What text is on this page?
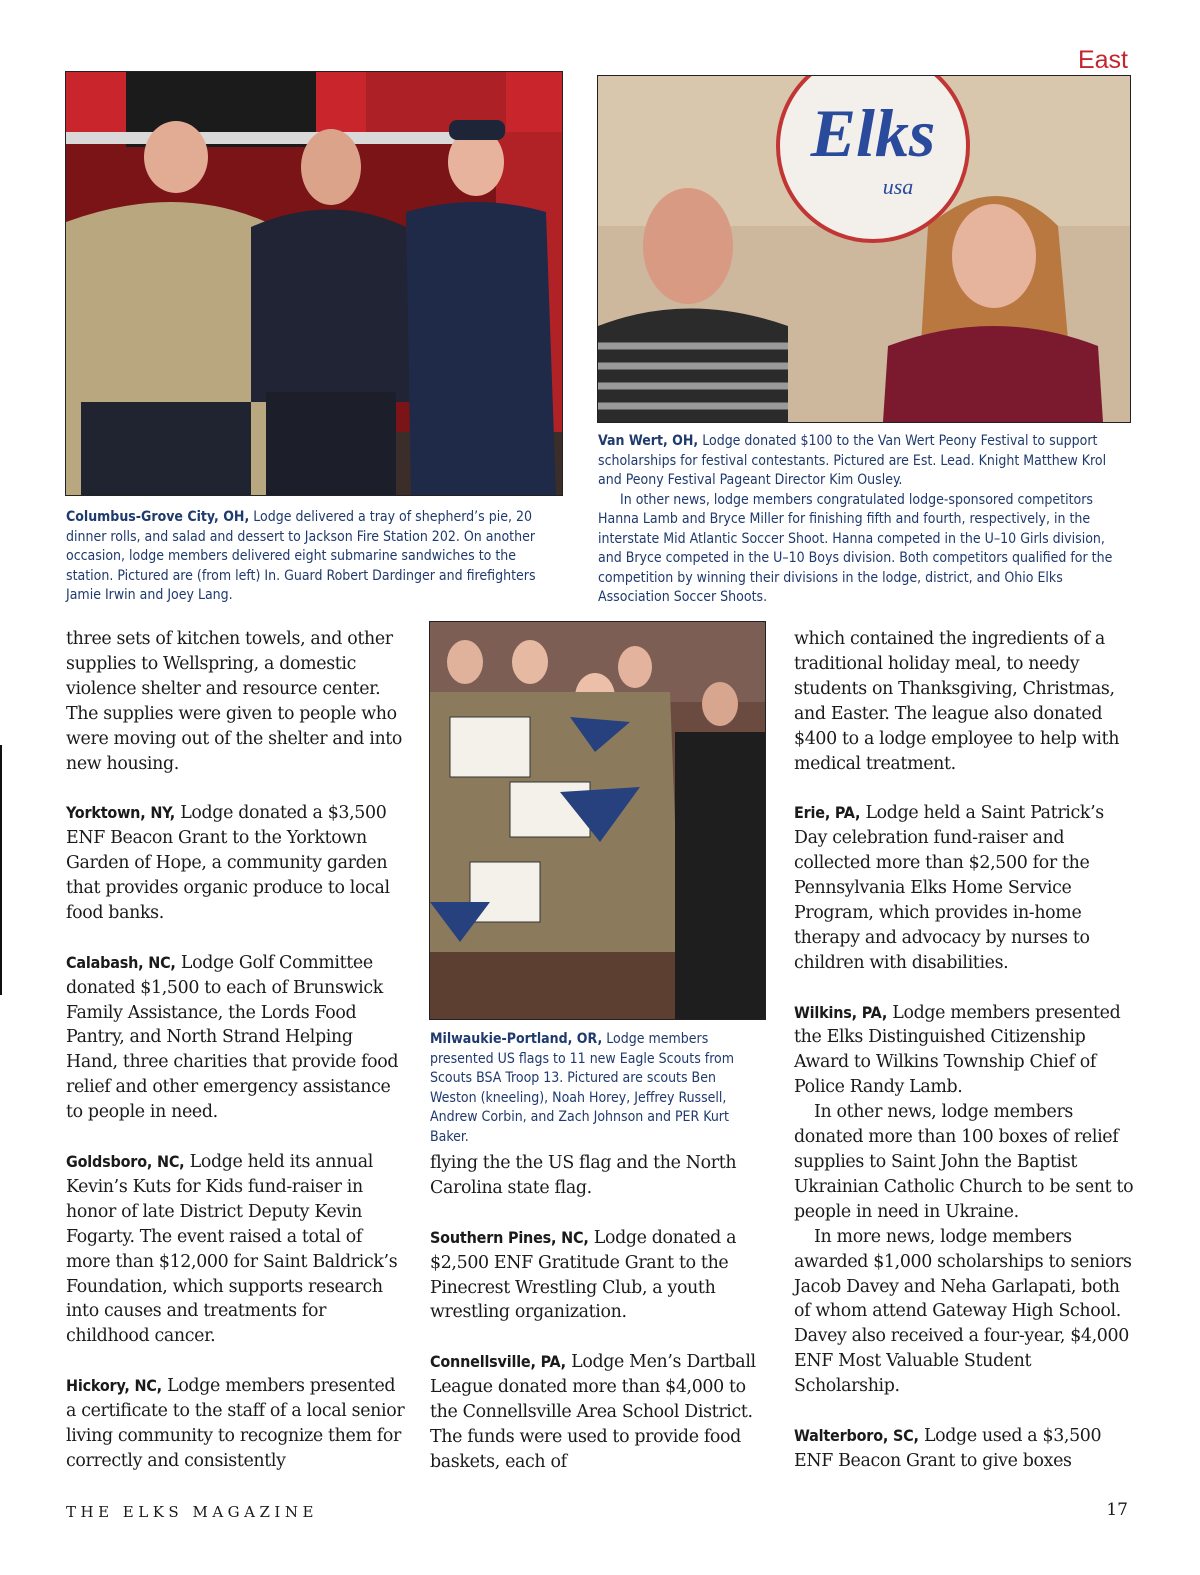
East
Elks
usa

Columbus-Grove City, OH, Lodge delivered a tray of shepherd’s pie, 20 dinner rolls, and salad and dessert to Jackson Fire Station 202. On another occasion, lodge members delivered eight submarine sandwiches to the station. Pictured are (from left) In. Guard Robert Dardinger and firefighters Jamie Irwin and Joey Lang.

Van Wert, OH, Lodge donated $100 to the Van Wert Peony Festival to support scholarships for festival contestants. Pictured are Est. Lead. Knight Matthew Krol and Peony Festival Pageant Director Kim Ousley.

In other news, lodge members congratulated lodge-sponsored competitors Hanna Lamb and Bryce Miller for finishing fifth and fourth, respectively, in the interstate Mid Atlantic Soccer Shoot. Hanna competed in the U–10 Girls division, and Bryce competed in the U–10 Boys division. Both competitors qualified for the competition by winning their divisions in the lodge, district, and Ohio Elks Association Soccer Shoots.

Milwaukie-Portland, OR, Lodge members presented US flags to 11 new Eagle Scouts from Scouts BSA Troop 13. Pictured are scouts Ben Weston (kneeling), Noah Horey, Jeffrey Russell, Andrew Corbin, and Zach Johnson and PER Kurt Baker.

three sets of kitchen towels, and other supplies to Wellspring, a domestic violence shelter and resource center. The supplies were given to people who were moving out of the shelter and into new housing.

Yorktown, NY, Lodge donated a $3,500 ENF Beacon Grant to the Yorktown Garden of Hope, a community garden that provides organic produce to local food banks.

Calabash, NC, Lodge Golf Committee donated $1,500 to each of Brunswick Family Assistance, the Lords Food Pantry, and North Strand Helping Hand, three charities that provide food relief and other emergency assistance to people in need.

Goldsboro, NC, Lodge held its annual Kevin’s Kuts for Kids fund-raiser in honor of late District Deputy Kevin Fogarty. The event raised a total of more than $12,000 for Saint Baldrick’s Foundation, which supports research into causes and treatments for childhood cancer.

Hickory, NC, Lodge members presented a certificate to the staff of a local senior living community to recognize them for correctly and consistently

flying the the US flag and the North Carolina state flag.

Southern Pines, NC, Lodge donated a $2,500 ENF Gratitude Grant to the Pinecrest Wrestling Club, a youth wrestling organization.

Connellsville, PA, Lodge Men’s Dartball League donated more than $4,000 to the Connellsville Area School District. The funds were used to provide food baskets, each of

which contained the ingredients of a traditional holiday meal, to needy students on Thanksgiving, Christmas, and Easter. The league also donated $400 to a lodge employee to help with medical treatment.

Erie, PA, Lodge held a Saint Patrick’s Day celebration fund-raiser and collected more than $2,500 for the Pennsylvania Elks Home Service Program, which provides in-home therapy and advocacy by nurses to children with disabilities.

Wilkins, PA, Lodge members presented the Elks Distinguished Citizenship Award to Wilkins Township Chief of Police Randy Lamb.

In other news, lodge members donated more than 100 boxes of relief supplies to Saint John the Baptist Ukrainian Catholic Church to be sent to people in need in Ukraine.

In more news, lodge members awarded $1,000 scholarships to seniors Jacob Davey and Neha Garlapati, both of whom attend Gateway High School. Davey also received a four-year, $4,000 ENF Most Valuable Student Scholarship.

Walterboro, SC, Lodge used a $3,500 ENF Beacon Grant to give boxes

THE ELKS MAGAZINE	17
